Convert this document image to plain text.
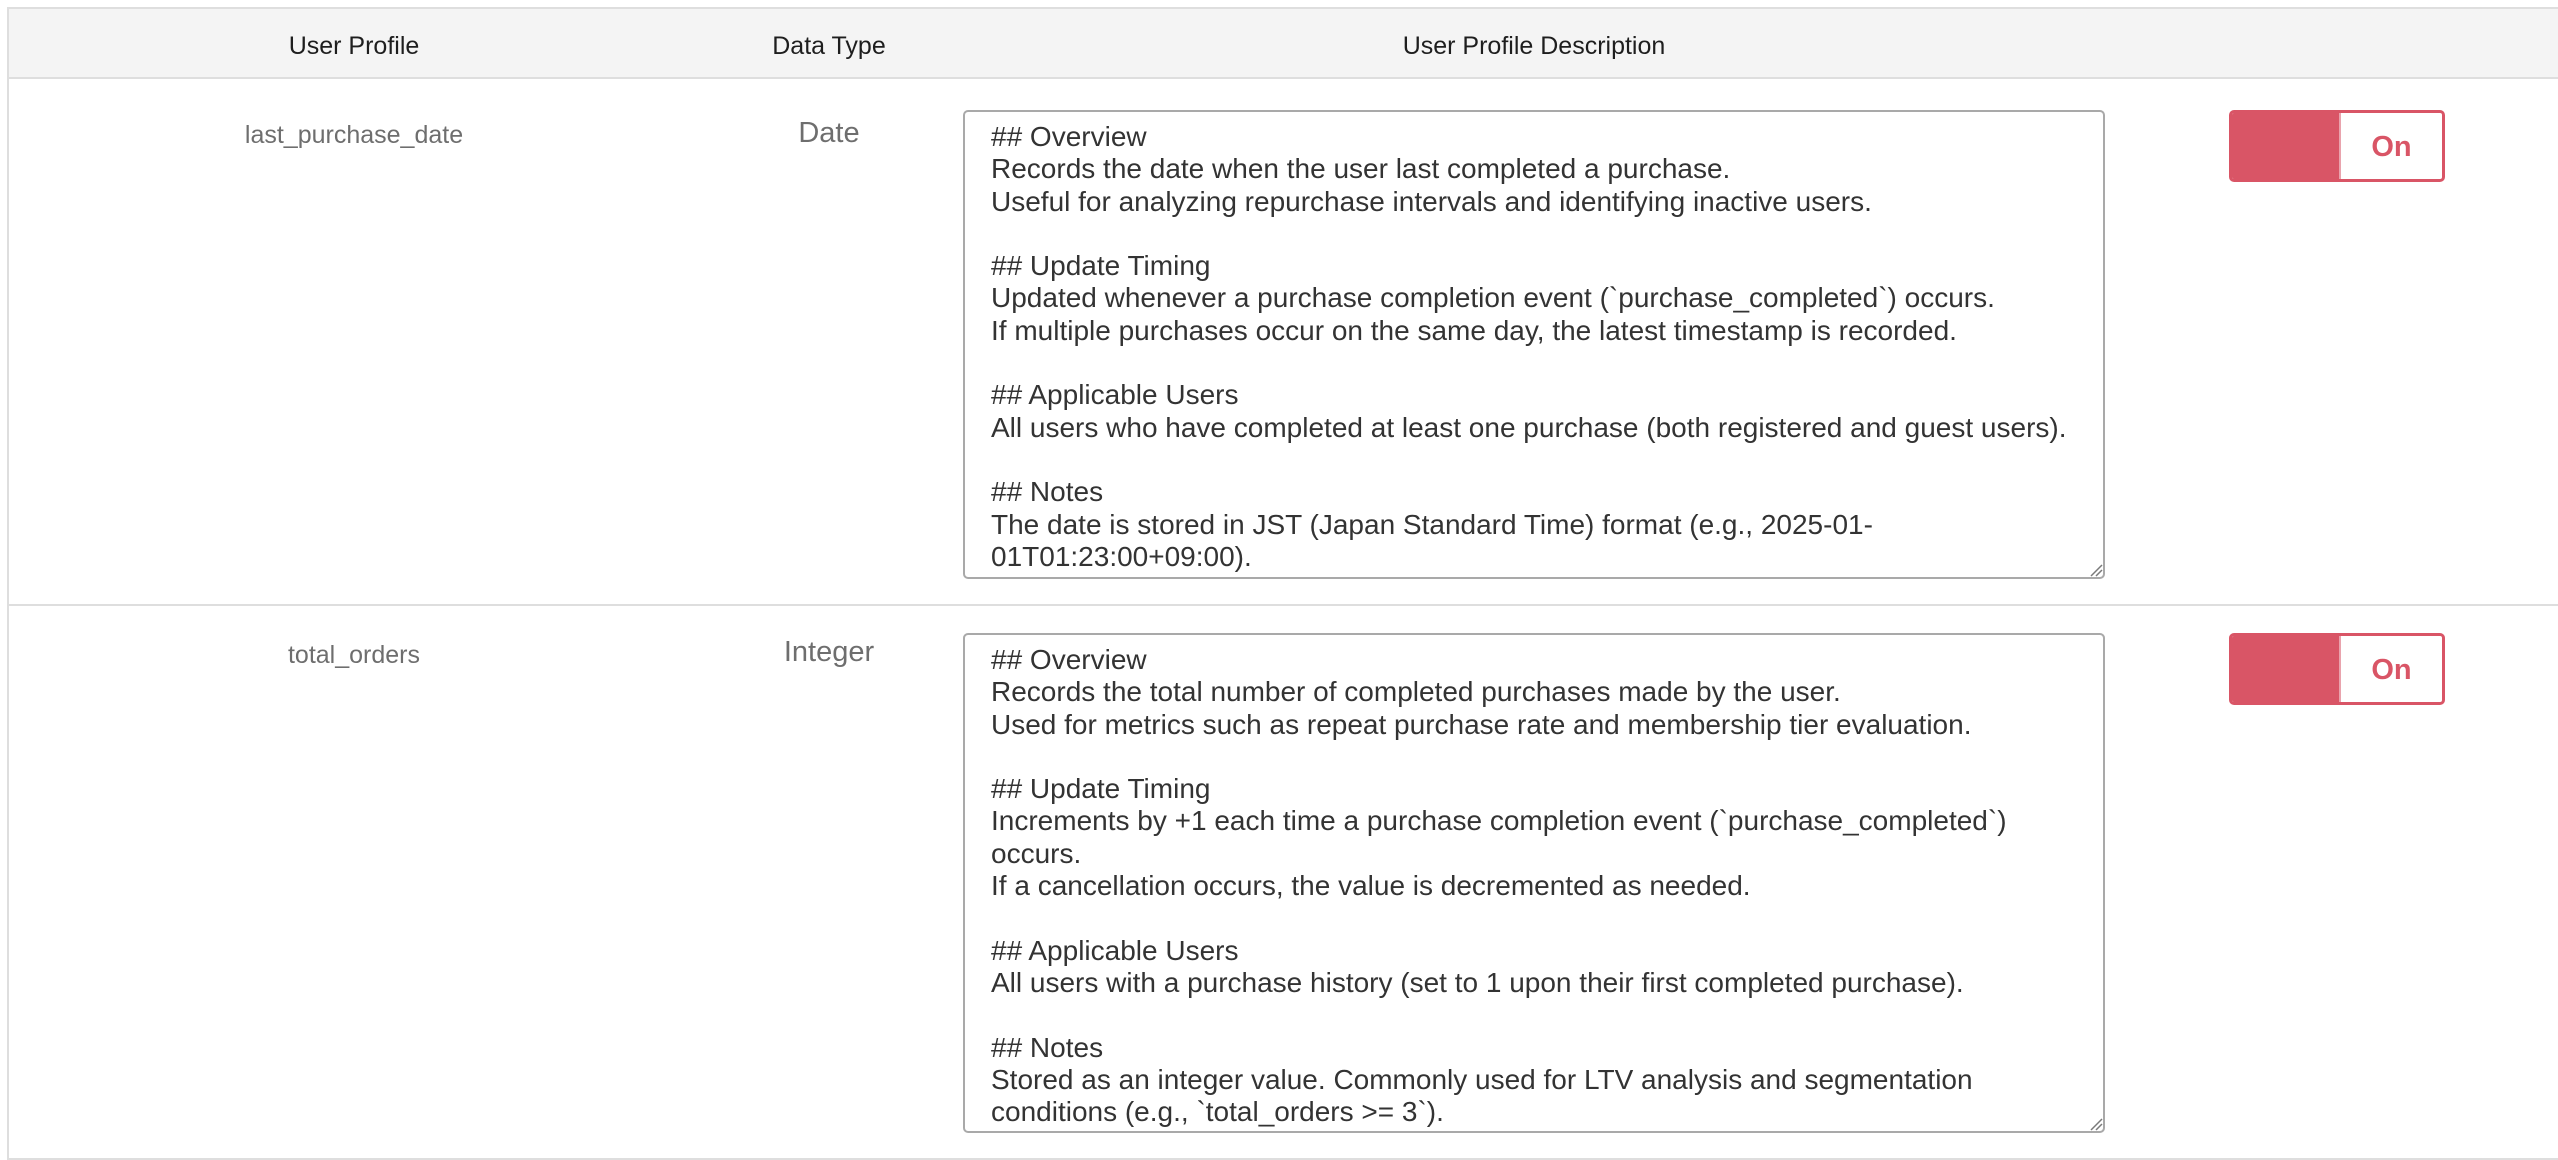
User Profile	Data Type	User Profile Description
last_purchase_date	Date	## Overview
Records the date when the user last completed a purchase.
Useful for analyzing repurchase intervals and identifying inactive users.

## Update Timing
Updated whenever a purchase completion event (`purchase_completed`) occurs.
If multiple purchases occur on the same day, the latest timestamp is recorded.

## Applicable Users
All users who have completed at least one purchase (both registered and guest users).

## Notes
The date is stored in JST (Japan Standard Time) format (e.g., 2025-01-01T01:23:00+09:00).
On
total_orders	Integer	## Overview
Records the total number of completed purchases made by the user.
Used for metrics such as repeat purchase rate and membership tier evaluation.

## Update Timing
Increments by +1 each time a purchase completion event (`purchase_completed`) occurs.
If a cancellation occurs, the value is decremented as needed.

## Applicable Users
All users with a purchase history (set to 1 upon their first completed purchase).

## Notes
Stored as an integer value. Commonly used for LTV analysis and segmentation conditions (e.g., `total_orders >= 3`).
On
